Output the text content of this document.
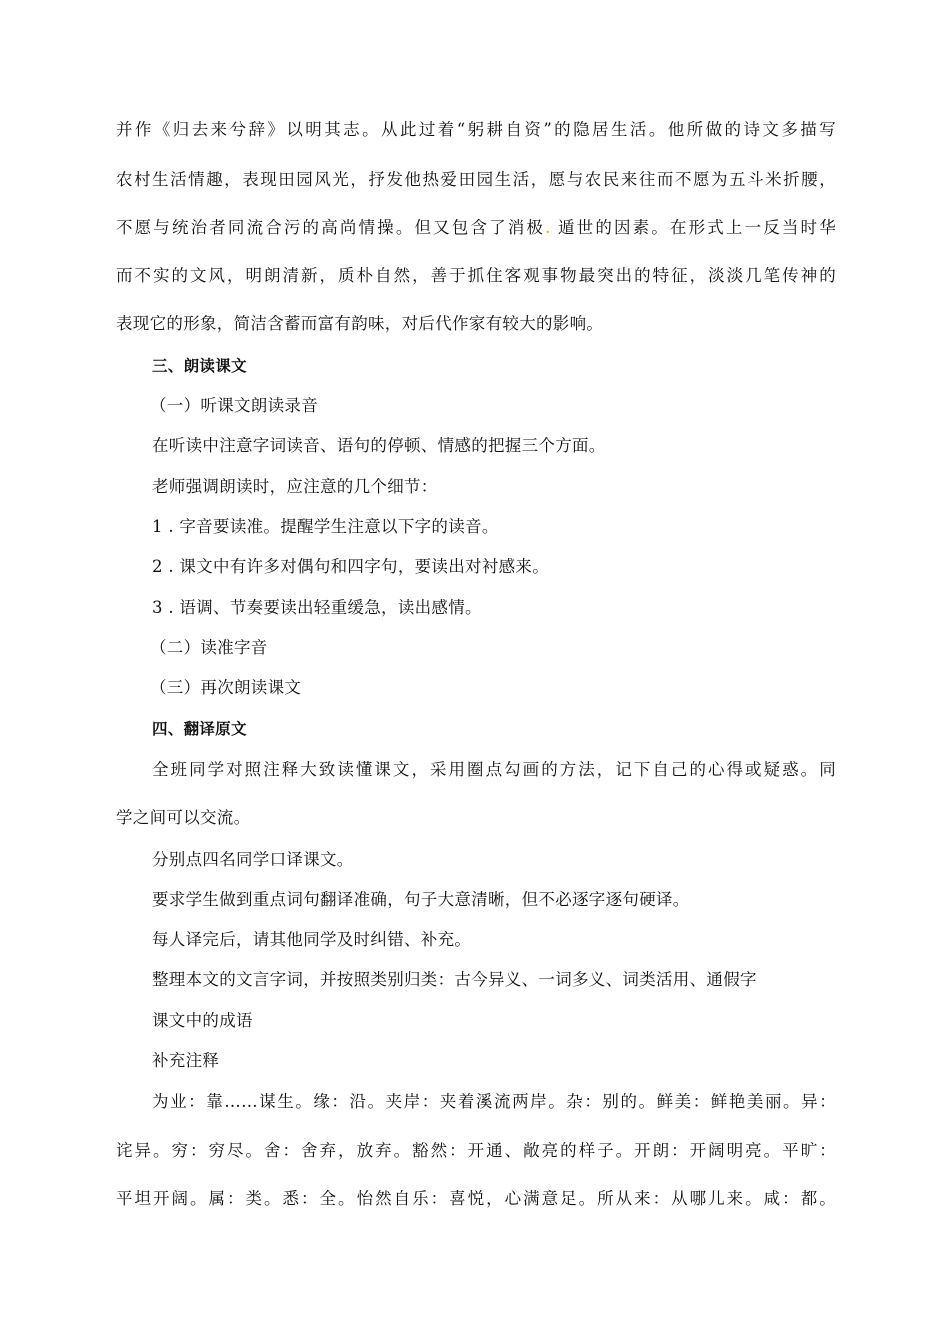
并作《归去来兮辞》以明其志。从此过着“躬耕自资”的隐居生活。他所做的诗文多描写
农村生活情趣，表现田园风光，抒发他热爱田园生活，愿与农民来往而不愿为五斗米折腰，
不愿与统治者同流合污的高尚情操。但又包含了消极. 遁世的因素。在形式上一反当时华
而不实的文风，明朗清新，质朴自然，善于抓住客观事物最突出的特征，淡淡几笔传神的
表现它的形象，简洁含蓄而富有韵味，对后代作家有较大的影响。
三、朗读课文
（一）听课文朗读录音
在听读中注意字词读音、语句的停顿、情感的把握三个方面。
老师强调朗读时，应注意的几个细节：
1 . 字音要读准。提醒学生注意以下字的读音。
2 . 课文中有许多对偶句和四字句，要读出对衬感来。
3 . 语调、节奏要读出轻重缓急，读出感情。
（二）读准字音
（三）再次朗读课文
四、翻译原文
全班同学对照注释大致读懂课文，采用圈点勾画的方法，记下自己的心得或疑惑。同
学之间可以交流。
分别点四名同学口译课文。
要求学生做到重点词句翻译准确，句子大意清晰，但不必逐字逐句硬译。
每人译完后，请其他同学及时纠错、补充。
整理本文的文言字词，并按照类别归类：古今异义、一词多义、词类活用、通假字
课文中的成语
补充注释
为业：靠……谋生。缘：沿。夹岸：夹着溪流两岸。杂：别的。鲜美：鲜艳美丽。异：
诧异。穷：穷尽。舍：舍弃，放弃。豁然：开通、敞亮的样子。开朗：开阔明亮。平旷：
平坦开阔。属：类。悉：全。怡然自乐：喜悦，心满意足。所从来：从哪儿来。咸：都。
